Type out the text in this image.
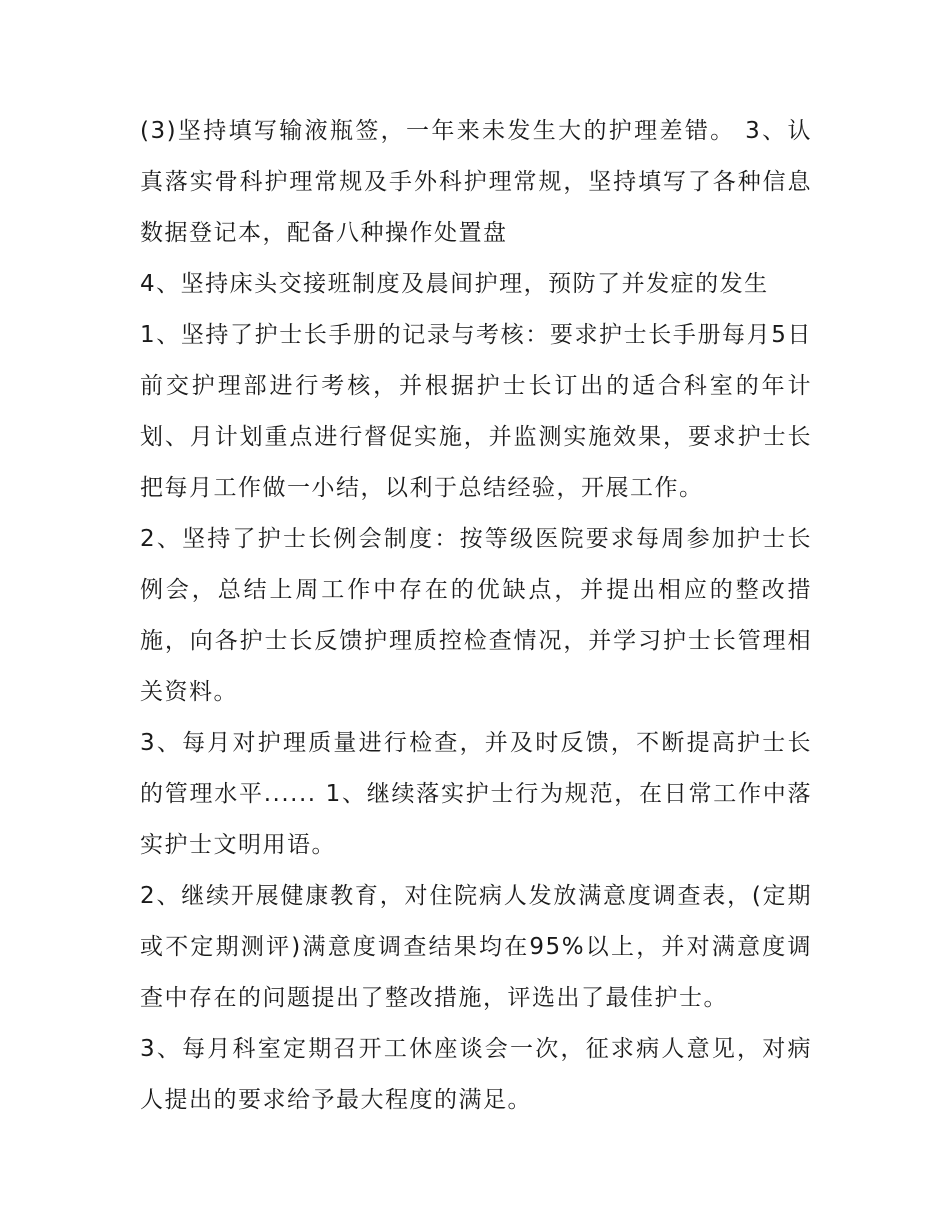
(3)坚持填写输液瓶签，一年来未发生大的护理差错。 3、认真落实骨科护理常规及手外科护理常规，坚持填写了各种信息数据登记本，配备八种操作处置盘

4、坚持床头交接班制度及晨间护理，预防了并发症的发生

1、坚持了护士长手册的记录与考核：要求护士长手册每月5日前交护理部进行考核，并根据护士长订出的适合科室的年计划、月计划重点进行督促实施，并监测实施效果，要求护士长把每月工作做一小结，以利于总结经验，开展工作。

2、坚持了护士长例会制度：按等级医院要求每周参加护士长例会，总结上周工作中存在的优缺点，并提出相应的整改措施，向各护士长反馈护理质控检查情况，并学习护士长管理相关资料。

3、每月对护理质量进行检查，并及时反馈，不断提高护士长的管理水平...... 1、继续落实护士行为规范，在日常工作中落实护士文明用语。

2、继续开展健康教育，对住院病人发放满意度调查表，(定期或不定期测评)满意度调查结果均在95%以上，并对满意度调查中存在的问题提出了整改措施，评选出了最佳护士。

3、每月科室定期召开工休座谈会一次，征求病人意见，对病人提出的要求给予最大程度的满足。
